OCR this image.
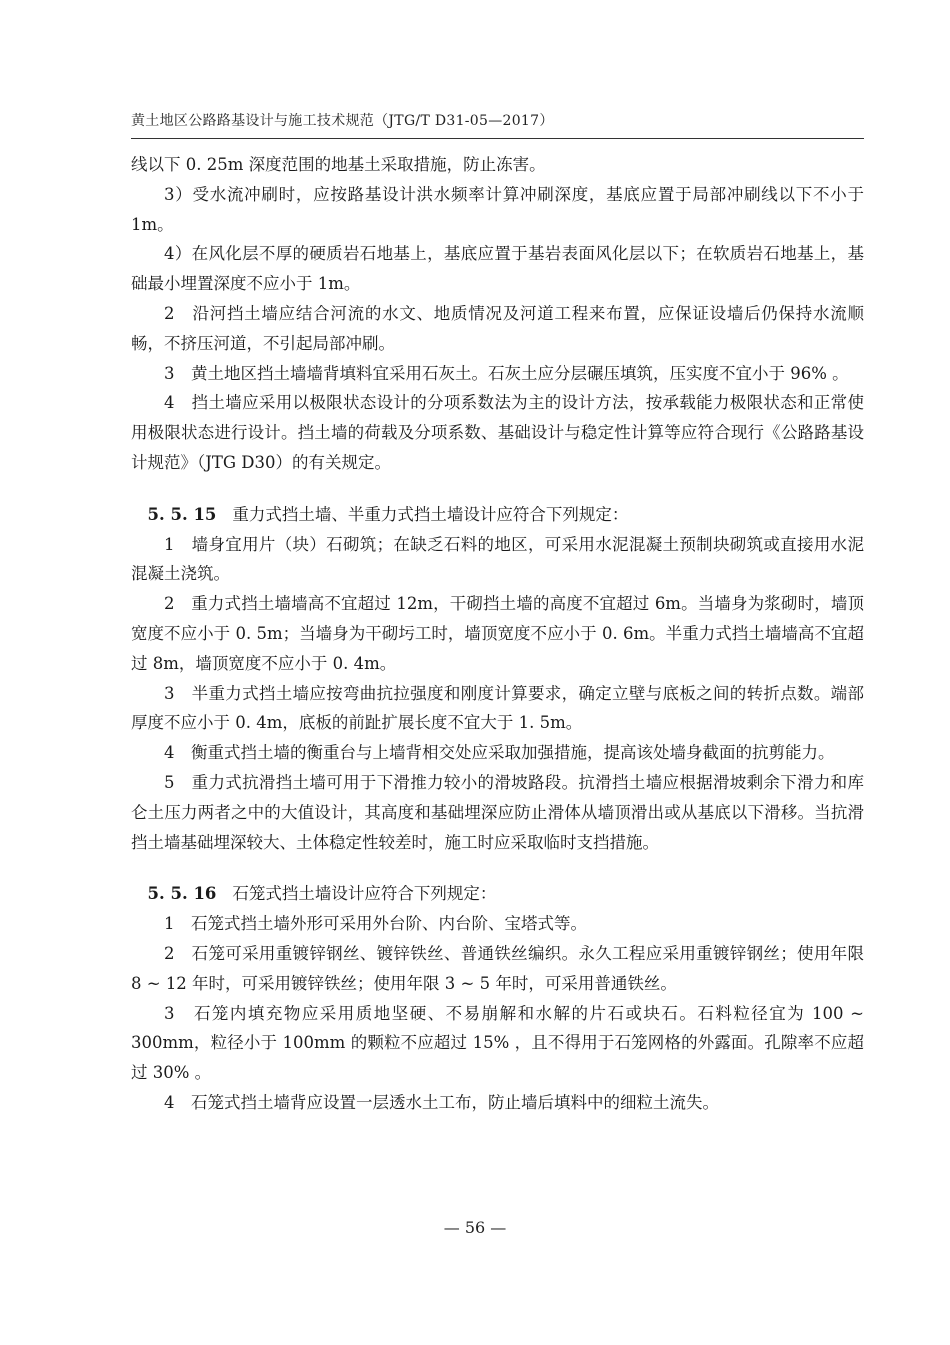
黄土地区公路路基设计与施工技术规范（JTG/T D31-05—2017）

线以下 0. 25m 深度范围的地基土采取措施，防止冻害。

3）受水流冲刷时，应按路基设计洪水频率计算冲刷深度，基底应置于局部冲刷线以下不小于 1m。

4）在风化层不厚的硬质岩石地基上，基底应置于基岩表面风化层以下；在软质岩石地基上，基础最小埋置深度不应小于 1m。

2　沿河挡土墙应结合河流的水文、地质情况及河道工程来布置，应保证设墙后仍保持水流顺畅，不挤压河道，不引起局部冲刷。

3　黄土地区挡土墙墙背填料宜采用石灰土。石灰土应分层碾压填筑，压实度不宜小于 96% 。

4　挡土墙应采用以极限状态设计的分项系数法为主的设计方法，按承载能力极限状态和正常使用极限状态进行设计。挡土墙的荷载及分项系数、基础设计与稳定性计算等应符合现行《公路路基设计规范》（JTG D30）的有关规定。

5. 5. 15 重力式挡土墙、半重力式挡土墙设计应符合下列规定：

1　墙身宜用片（块）石砌筑；在缺乏石料的地区，可采用水泥混凝土预制块砌筑或直接用水泥混凝土浇筑。

2　重力式挡土墙墙高不宜超过 12m，干砌挡土墙的高度不宜超过 6m。当墙身为浆砌时，墙顶宽度不应小于 0. 5m；当墙身为干砌圬工时，墙顶宽度不应小于 0. 6m。半重力式挡土墙墙高不宜超过 8m，墙顶宽度不应小于 0. 4m。

3　半重力式挡土墙应按弯曲抗拉强度和刚度计算要求，确定立壁与底板之间的转折点数。端部厚度不应小于 0. 4m，底板的前趾扩展长度不宜大于 1. 5m。

4　衡重式挡土墙的衡重台与上墙背相交处应采取加强措施，提高该处墙身截面的抗剪能力。

5　重力式抗滑挡土墙可用于下滑推力较小的滑坡路段。抗滑挡土墙应根据滑坡剩余下滑力和库仑土压力两者之中的大值设计，其高度和基础埋深应防止滑体从墙顶滑出或从基底以下滑移。当抗滑挡土墙基础埋深较大、土体稳定性较差时，施工时应采取临时支挡措施。

5. 5. 16 石笼式挡土墙设计应符合下列规定：

1　石笼式挡土墙外形可采用外台阶、内台阶、宝塔式等。

2　石笼可采用重镀锌钢丝、镀锌铁丝、普通铁丝编织。永久工程应采用重镀锌钢丝；使用年限 8 ~ 12 年时，可采用镀锌铁丝；使用年限 3 ~ 5 年时，可采用普通铁丝。

3　石笼内填充物应采用质地坚硬、不易崩解和水解的片石或块石。石料粒径宜为 100 ~ 300mm，粒径小于 100mm 的颗粒不应超过 15% ，且不得用于石笼网格的外露面。孔隙率不应超过 30% 。

4　石笼式挡土墙背应设置一层透水土工布，防止墙后填料中的细粒土流失。

— 56 —
